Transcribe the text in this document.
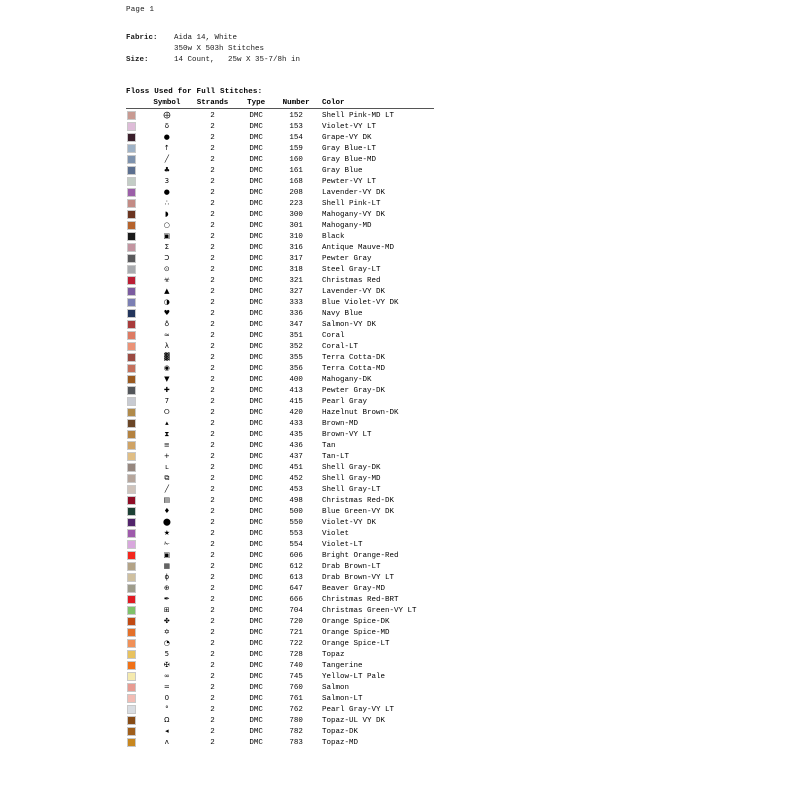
Page 1
Fabric:	Aida 14, White
350w X 503h Stitches
Size:	14 Count,   25w X 35-7/8h in
Floss Used for Full Stitches:
Symbol	Strands	Type	Number	Color
⨁	2	DMC	152	Shell Pink-MD LT
δ	2	DMC	153	Violet-VY LT
●	2	DMC	154	Grape-VY DK
↑	2	DMC	159	Gray Blue-LT
╱	2	DMC	160	Gray Blue-MD
♣	2	DMC	161	Gray Blue
3	2	DMC	168	Pewter-VY LT
●	2	DMC	208	Lavender-VY DK
∴	2	DMC	223	Shell Pink-LT
◗	2	DMC	300	Mahogany-VY DK
○	2	DMC	301	Mahogany-MD
▣	2	DMC	310	Black
Σ	2	DMC	316	Antique Mauve-MD
Ɔ	2	DMC	317	Pewter Gray
⊙	2	DMC	318	Steel Gray-LT
☣	2	DMC	321	Christmas Red
▲	2	DMC	327	Lavender-VY DK
◑	2	DMC	333	Blue Violet-VY DK
♥	2	DMC	336	Navy Blue
♁	2	DMC	347	Salmon-VY DK
≈	2	DMC	351	Coral
λ	2	DMC	352	Coral-LT
▓	2	DMC	355	Terra Cotta-DK
◉	2	DMC	356	Terra Cotta-MD
▼	2	DMC	400	Mahogany-DK
✚	2	DMC	413	Pewter Gray-DK
7	2	DMC	415	Pearl Gray
⭘	2	DMC	420	Hazelnut Brown-DK
▴	2	DMC	433	Brown-MD
⧗	2	DMC	435	Brown-VY LT
≡	2	DMC	436	Tan
+	2	DMC	437	Tan-LT
ʟ	2	DMC	451	Shell Gray-DK
⧉	2	DMC	452	Shell Gray-MD
╱	2	DMC	453	Shell Gray-LT
▤	2	DMC	498	Christmas Red-DK
♦	2	DMC	500	Blue Green-VY DK
⬤	2	DMC	550	Violet-VY DK
★	2	DMC	553	Violet
✁	2	DMC	554	Violet-LT
▣	2	DMC	606	Bright Orange-Red
▦	2	DMC	612	Drab Brown-LT
ϕ	2	DMC	613	Drab Brown-VY LT
⊕	2	DMC	647	Beaver Gray-MD
✒	2	DMC	666	Christmas Red-BRT
⊞	2	DMC	704	Christmas Green-VY LT
✤	2	DMC	720	Orange Spice-DK
✡	2	DMC	721	Orange Spice-MD
◔	2	DMC	722	Orange Spice-LT
5	2	DMC	728	Topaz
✠	2	DMC	740	Tangerine
∞	2	DMC	745	Yellow-LT Pale
=	2	DMC	760	Salmon
0	2	DMC	761	Salmon-LT
°	2	DMC	762	Pearl Gray-VY LT
Ω	2	DMC	780	Topaz-UL VY DK
◂	2	DMC	782	Topaz-DK
ʌ	2	DMC	783	Topaz-MD
